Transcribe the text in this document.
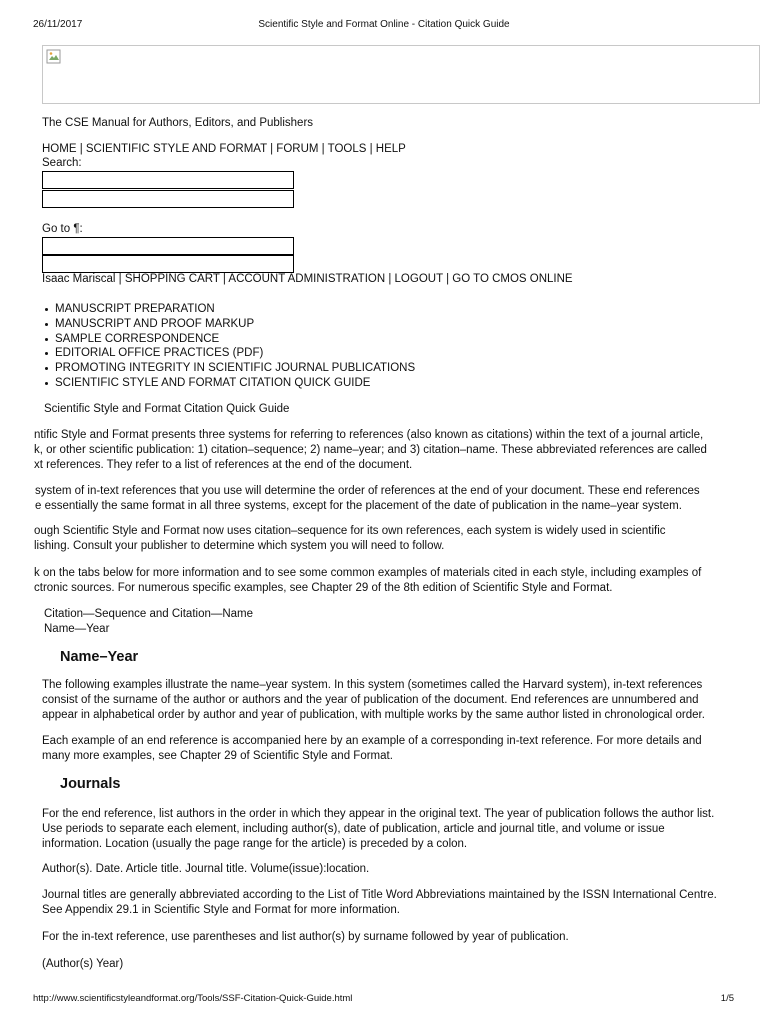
26/11/2017	Scientific Style and Format Online - Citation Quick Guide
The CSE Manual for Authors, Editors, and Publishers
HOME | SCIENTIFIC STYLE AND FORMAT | FORUM | TOOLS | HELP
Search:
Go to ¶:
Isaac Mariscal | SHOPPING CART | ACCOUNT ADMINISTRATION | LOGOUT | GO TO CMOS ONLINE
MANUSCRIPT PREPARATION
MANUSCRIPT AND PROOF MARKUP
SAMPLE CORRESPONDENCE
EDITORIAL OFFICE PRACTICES (PDF)
PROMOTING INTEGRITY IN SCIENTIFIC JOURNAL PUBLICATIONS
SCIENTIFIC STYLE AND FORMAT CITATION QUICK GUIDE
Scientific Style and Format Citation Quick Guide
ntific Style and Format presents three systems for referring to references (also known as citations) within the text of a journal article,
k, or other scientific publication: 1) citation–sequence; 2) name–year; and 3) citation–name. These abbreviated references are called
xt references. They refer to a list of references at the end of the document.
system of in-text references that you use will determine the order of references at the end of your document. These end references
e essentially the same format in all three systems, except for the placement of the date of publication in the name–year system.
ough Scientific Style and Format now uses citation–sequence for its own references, each system is widely used in scientific
lishing. Consult your publisher to determine which system you will need to follow.
k on the tabs below for more information and to see some common examples of materials cited in each style, including examples of
ctronic sources. For numerous specific examples, see Chapter 29 of the 8th edition of Scientific Style and Format.
Citation—Sequence and Citation—Name
Name—Year
Name–Year
The following examples illustrate the name–year system. In this system (sometimes called the Harvard system), in-text references
consist of the surname of the author or authors and the year of publication of the document. End references are unnumbered and
appear in alphabetical order by author and year of publication, with multiple works by the same author listed in chronological order.
Each example of an end reference is accompanied here by an example of a corresponding in-text reference. For more details and
many more examples, see Chapter 29 of Scientific Style and Format.
Journals
For the end reference, list authors in the order in which they appear in the original text. The year of publication follows the author list.
Use periods to separate each element, including author(s), date of publication, article and journal title, and volume or issue
information. Location (usually the page range for the article) is preceded by a colon.
Author(s). Date. Article title. Journal title. Volume(issue):location.
Journal titles are generally abbreviated according to the List of Title Word Abbreviations maintained by the ISSN International Centre.
See Appendix 29.1 in Scientific Style and Format for more information.
For the in-text reference, use parentheses and list author(s) by surname followed by year of publication.
(Author(s) Year)
http://www.scientificstyleandformat.org/Tools/SSF-Citation-Quick-Guide.html	1/5
